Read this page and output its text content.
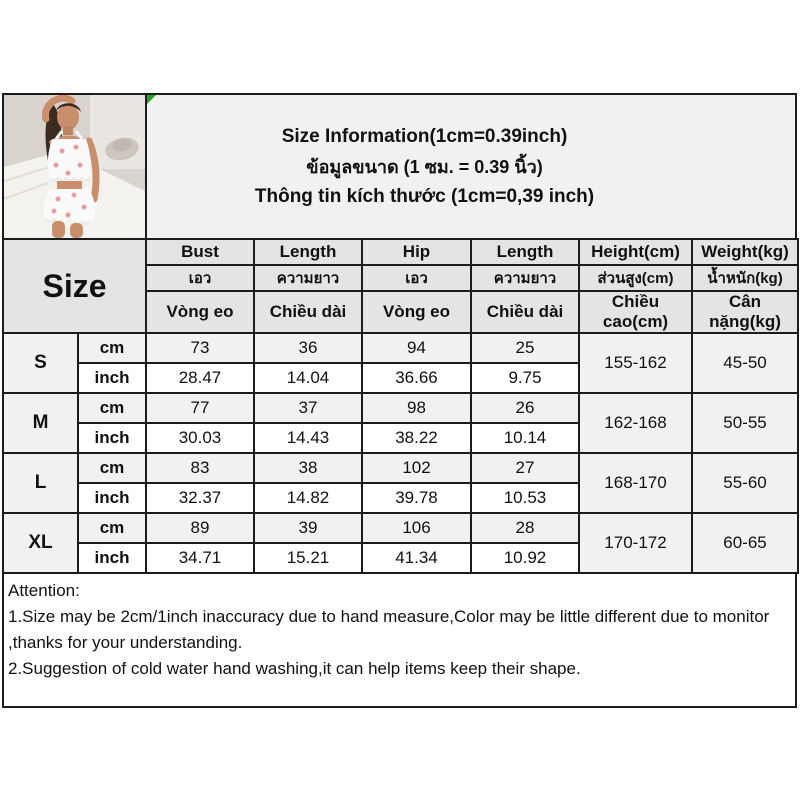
Size Information(1cm=0.39inch)
ข้อมูลขนาด (1 ซม. = 0.39 นิ้ว)
Thông tin kích thước (1cm=0,39 inch)
Size		Bust	Length	Hip	Length	Height(cm)	Weight(kg)
		เอว	ความยาว	เอว	ความยาว	ส่วนสูง(cm)	น้ำหนัก(kg)
		Vòng eo	Chiều dài	Vòng eo	Chiều dài	Chiều cao(cm)	Cân nặng(kg)
S	cm	73	36	94	25	155-162	45-50
	inch	28.47	14.04	36.66	9.75		
M	cm	77	37	98	26	162-168	50-55
	inch	30.03	14.43	38.22	10.14		
L	cm	83	38	102	27	168-170	55-60
	inch	32.37	14.82	39.78	10.53		
XL	cm	89	39	106	28	170-172	60-65
	inch	34.71	15.21	41.34	10.92		
Attention:
1.Size may be 2cm/1inch inaccuracy due to hand measure,Color may be little different due to monitor ,thanks for your understanding.
2.Suggestion of cold water hand washing,it can help items keep their shape.
